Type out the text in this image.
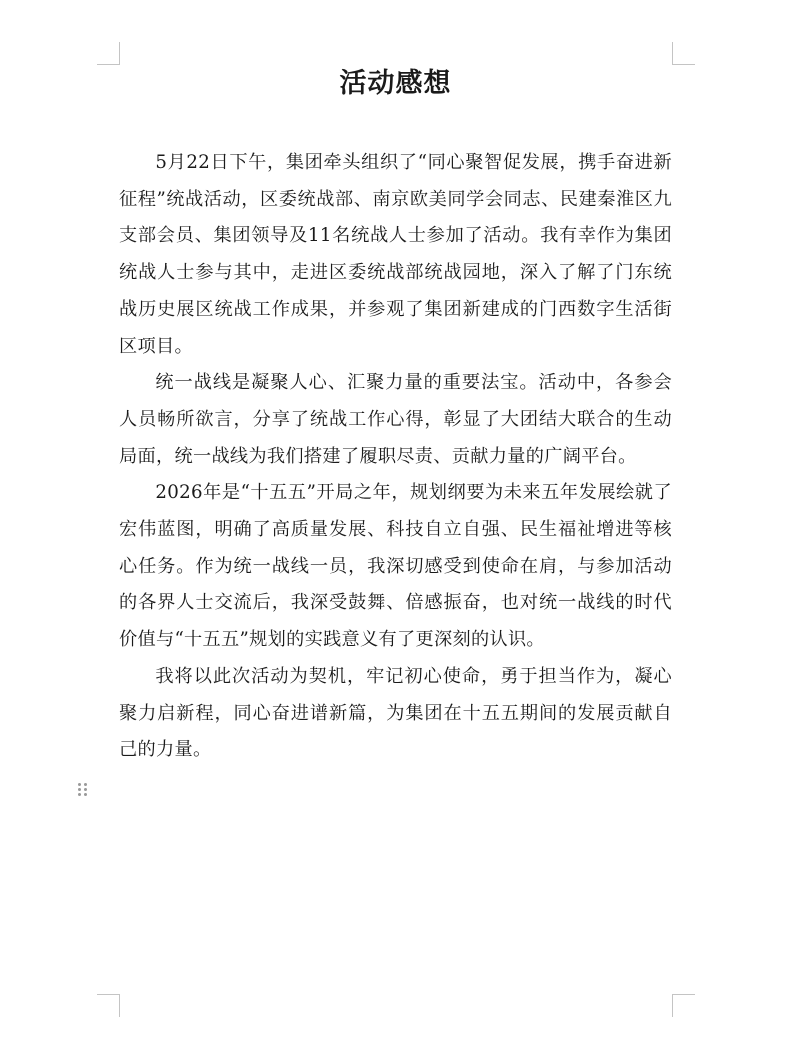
活动感想

5月22日下午，集团牵头组织了“同心聚智促发展，携手奋进新征程”统战活动，区委统战部、南京欧美同学会同志、民建秦淮区九支部会员、集团领导及11名统战人士参加了活动。我有幸作为集团统战人士参与其中，走进区委统战部统战园地，深入了解了门东统战历史展区统战工作成果，并参观了集团新建成的门西数字生活街区项目。

统一战线是凝聚人心、汇聚力量的重要法宝。活动中，各参会人员畅所欲言，分享了统战工作心得，彰显了大团结大联合的生动局面，统一战线为我们搭建了履职尽责、贡献力量的广阔平台。

2026年是“十五五”开局之年，规划纲要为未来五年发展绘就了宏伟蓝图，明确了高质量发展、科技自立自强、民生福祉增进等核心任务。作为统一战线一员，我深切感受到使命在肩，与参加活动的各界人士交流后，我深受鼓舞、倍感振奋，也对统一战线的时代价值与“十五五”规划的实践意义有了更深刻的认识。

我将以此次活动为契机，牢记初心使命，勇于担当作为，凝心聚力启新程，同心奋进谱新篇，为集团在十五五期间的发展贡献自己的力量。
